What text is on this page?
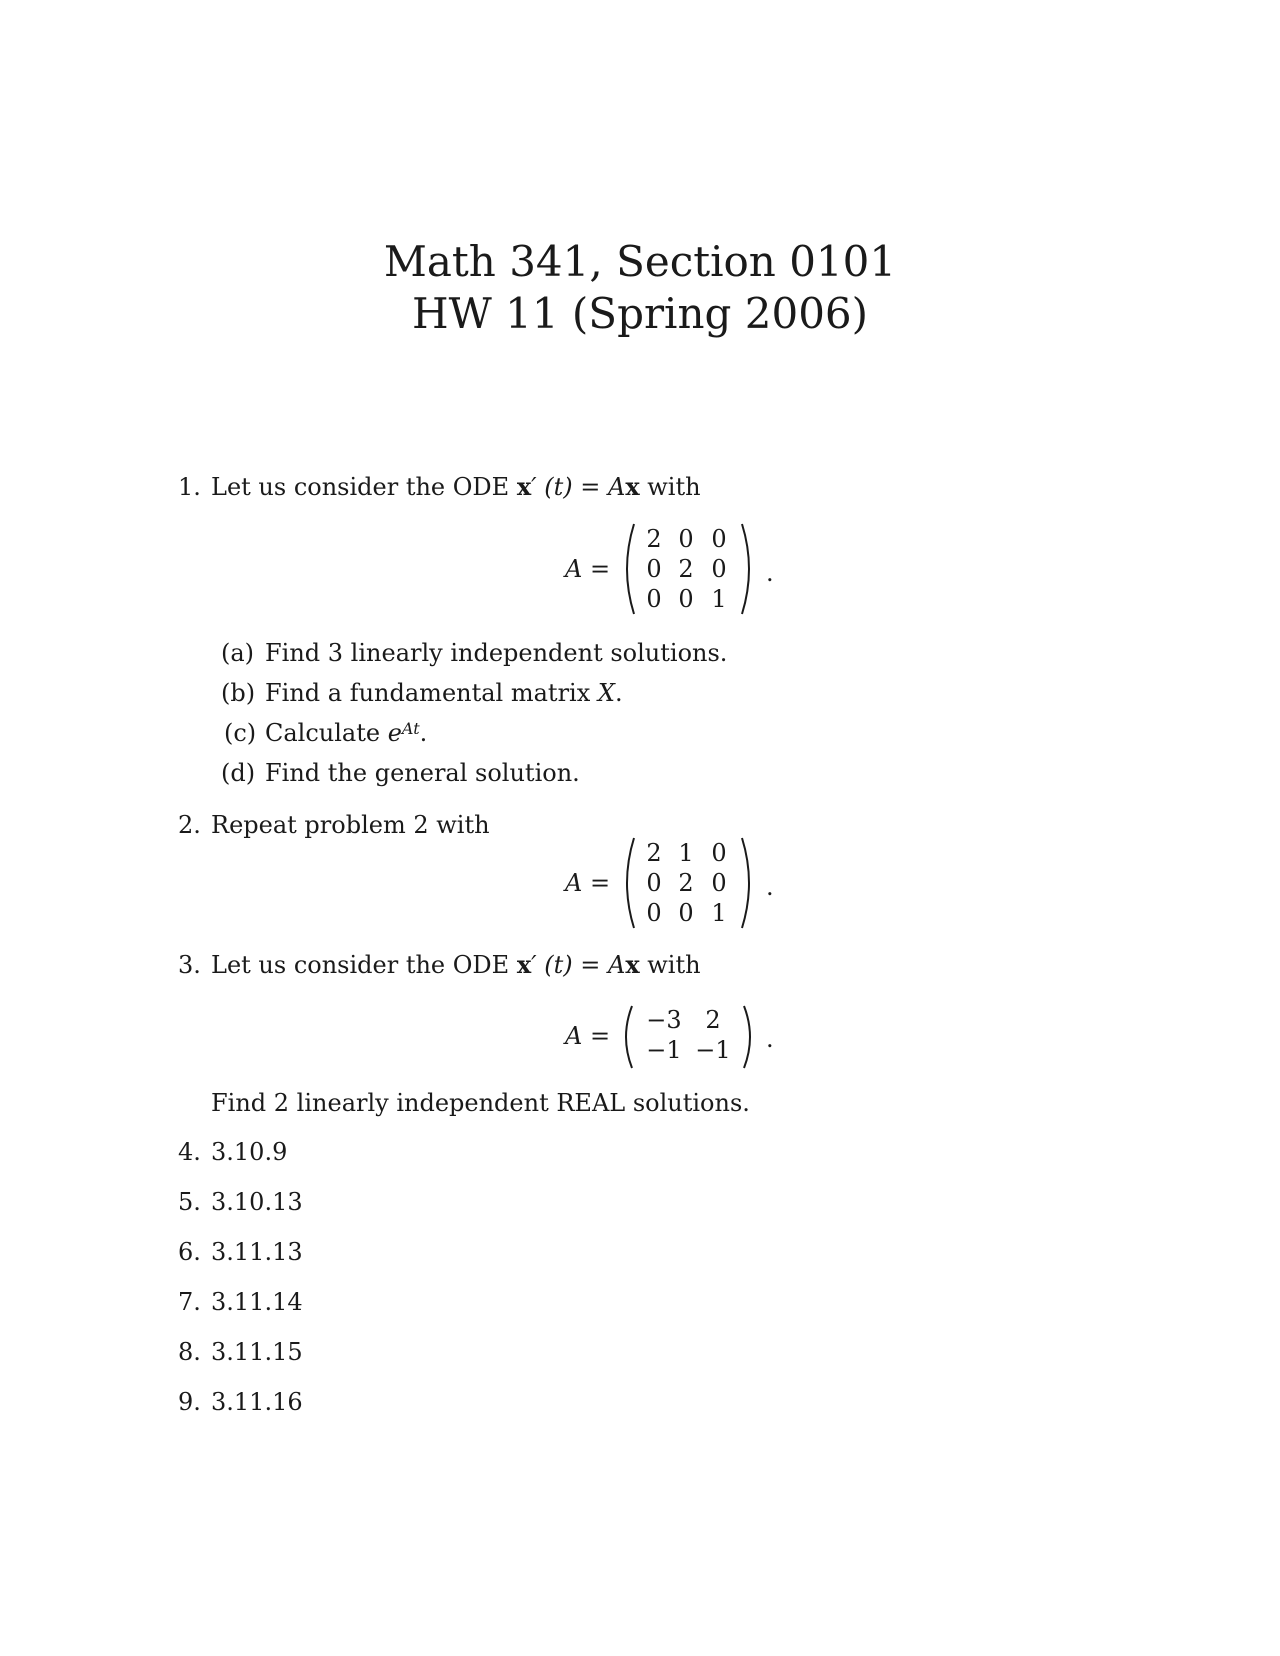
Math 341, Section 0101
HW 11 (Spring 2006)
1. Let us consider the ODE x′ (t) = Ax with
A =
2 0 0
0 2 0
0 0 1
.
(a) Find 3 linearly independent solutions.
(b) Find a fundamental matrix X.
(c) Calculate $e^{At}$.
(d) Find the general solution.
2. Repeat problem 2 with
A =
2 1 0
0 2 0
0 0 1
.
3. Let us consider the ODE x′ (t) = Ax with
A =
−3 2
−1 −1	.
Find 2 linearly independent REAL solutions.
4. 3.10.9
5. 3.10.13
6. 3.11.13
7. 3.11.14
8. 3.11.15
9. 3.11.16
